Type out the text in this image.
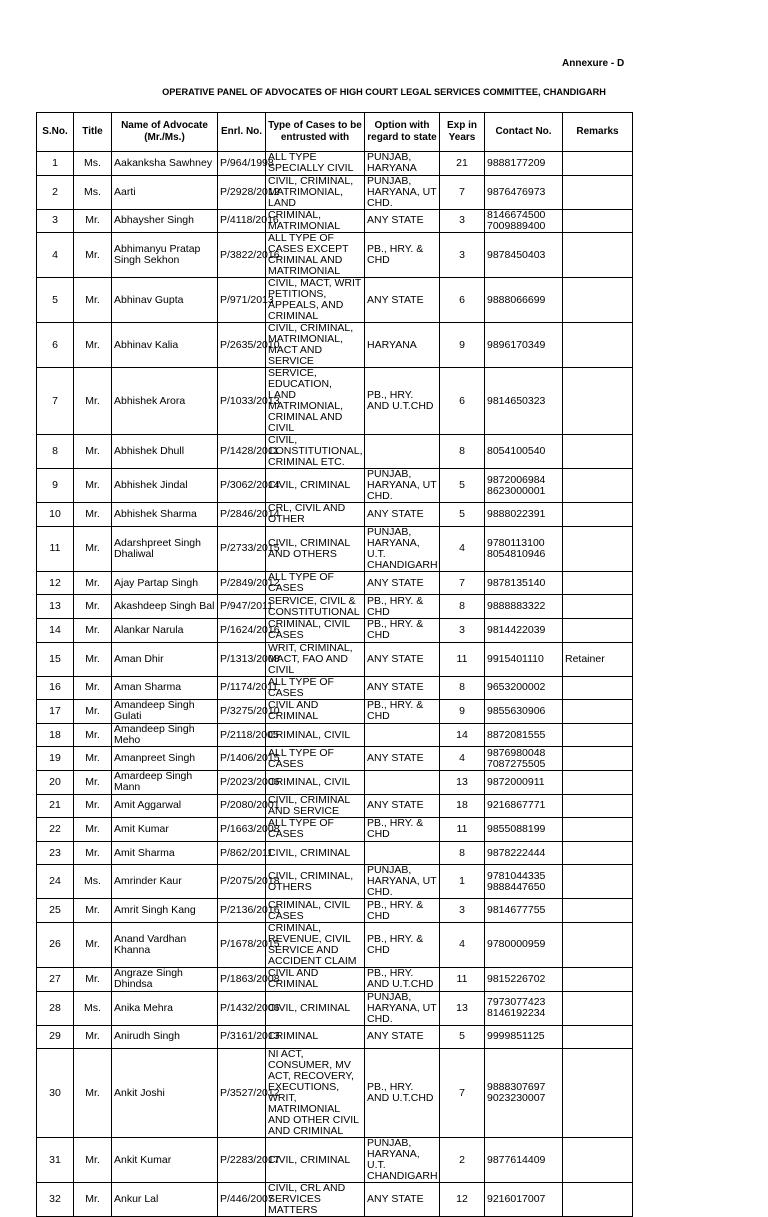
Annexure - D
OPERATIVE PANEL OF ADVOCATES OF HIGH COURT LEGAL SERVICES COMMITTEE, CHANDIGARH
S.No.	Title	Name of Advocate (Mr./Ms.)	Enrl. No.	Type of Cases to be entrusted with	Option with regard to state	Exp in Years	Contact No.	Remarks
1	Ms.	Aakanksha Sawhney	P/964/1998	ALL TYPE SPECIALLY CIVIL	PUNJAB, HARYANA	21	9888177209	
2	Ms.	Aarti	P/2928/2012	CIVIL, CRIMINAL, MATRIMONIAL, LAND	PUNJAB, HARYANA, UT CHD.	7	9876476973	
3	Mr.	Abhaysher Singh	P/4118/2016	CRIMINAL, MATRIMONIAL	ANY STATE	3	8146674500 7009889400	
4	Mr.	Abhimanyu Pratap Singh Sekhon	P/3822/2016	ALL TYPE OF CASES EXCEPT CRIMINAL AND MATRIMONIAL	PB., HRY. & CHD	3	9878450403	
5	Mr.	Abhinav Gupta	P/971/2013	CIVIL, MACT, WRIT PETITIONS, APPEALS, AND CRIMINAL	ANY STATE	6	9888066699	
6	Mr.	Abhinav Kalia	P/2635/2010	CIVIL, CRIMINAL, MATRIMONIAL, MACT AND SERVICE	HARYANA	9	9896170349	
7	Mr.	Abhishek Arora	P/1033/2013	SERVICE, EDUCATION, LAND MATRIMONIAL, CRIMINAL AND CIVIL	PB., HRY. AND U.T.CHD	6	9814650323	
8	Mr.	Abhishek Dhull	P/1428/2011	CIVIL, CONSTITUTIONAL, CRIMINAL ETC.		8	8054100540	
9	Mr.	Abhishek Jindal	P/3062/2014	CIVIL, CRIMINAL	PUNJAB, HARYANA, UT CHD.	5	9872006984 8623000001	
10	Mr.	Abhishek Sharma	P/2846/2014	CRL, CIVIL AND OTHER	ANY STATE	5	9888022391	
11	Mr.	Adarshpreet Singh Dhaliwal	P/2733/2015	CIVIL, CRIMINAL AND OTHERS	PUNJAB, HARYANA, U.T. CHANDIGARH	4	9780113100 8054810946	
12	Mr.	Ajay Partap Singh	P/2849/2012	ALL TYPE OF CASES	ANY STATE	7	9878135140	
13	Mr.	Akashdeep Singh Bal	P/947/2011	SERVICE, CIVIL & CONSTITUTIONAL	PB., HRY. & CHD	8	9888883322	
14	Mr.	Alankar Narula	P/1624/2016	CRIMINAL, CIVIL CASES	PB., HRY. & CHD	3	9814422039	
15	Mr.	Aman Dhir	P/1313/2008	WRIT, CRIMINAL, MACT, FAO AND CIVIL	ANY STATE	11	9915401110	Retainer
16	Mr.	Aman Sharma	P/1174/2011	ALL TYPE OF CASES	ANY STATE	8	9653200002	
17	Mr.	Amandeep Singh Gulati	P/3275/2010	CIVIL AND CRIMINAL	PB., HRY. & CHD	9	9855630906	
18	Mr.	Amandeep Singh Meho	P/2118/2005	CRIMINAL, CIVIL		14	8872081555	
19	Mr.	Amanpreet Singh	P/1406/2015	ALL TYPE OF CASES	ANY STATE	4	9876980048 7087275505	
20	Mr.	Amardeep Singh Mann	P/2023/2006	CRIMINAL, CIVIL		13	9872000911	
21	Mr.	Amit Aggarwal	P/2080/2001	CIVIL, CRIMINAL AND SERVICE	ANY STATE	18	9216867771	
22	Mr.	Amit Kumar	P/1663/2008	ALL TYPE OF CASES	PB., HRY. & CHD	11	9855088199	
23	Mr.	Amit Sharma	P/862/2011	CIVIL, CRIMINAL		8	9878222444	
24	Ms.	Amrinder Kaur	P/2075/2018	CIVIL, CRIMINAL, OTHERS	PUNJAB, HARYANA, UT CHD.	1	9781044335 9888447650	
25	Mr.	Amrit Singh Kang	P/2136/2016	CRIMINAL, CIVIL CASES	PB., HRY. & CHD	3	9814677755	
26	Mr.	Anand Vardhan Khanna	P/1678/2015	CRIMINAL, REVENUE, CIVIL SERVICE AND ACCIDENT CLAIM	PB., HRY. & CHD	4	9780000959	
27	Mr.	Angraze Singh Dhindsa	P/1863/2008	CIVIL AND CRIMINAL	PB., HRY. AND U.T.CHD	11	9815226702	
28	Ms.	Anika Mehra	P/1432/2006	CIVIL, CRIMINAL	PUNJAB, HARYANA, UT CHD.	13	7973077423 8146192234	
29	Mr.	Anirudh Singh	P/3161/2013	CRIMINAL	ANY STATE	5	9999851125	
30	Mr.	Ankit Joshi	P/3527/2012	NI ACT, CONSUMER, MV ACT, RECOVERY, EXECUTIONS, WRIT, MATRIMONIAL AND OTHER CIVIL AND CRIMINAL	PB., HRY. AND U.T.CHD	7	9888307697 9023230007	
31	Mr.	Ankit Kumar	P/2283/2017	CIVIL, CRIMINAL	PUNJAB, HARYANA, U.T. CHANDIGARH	2	9877614409	
32	Mr.	Ankur Lal	P/446/2007	CIVIL, CRL AND SERVICES MATTERS	ANY STATE	12	9216017007	
